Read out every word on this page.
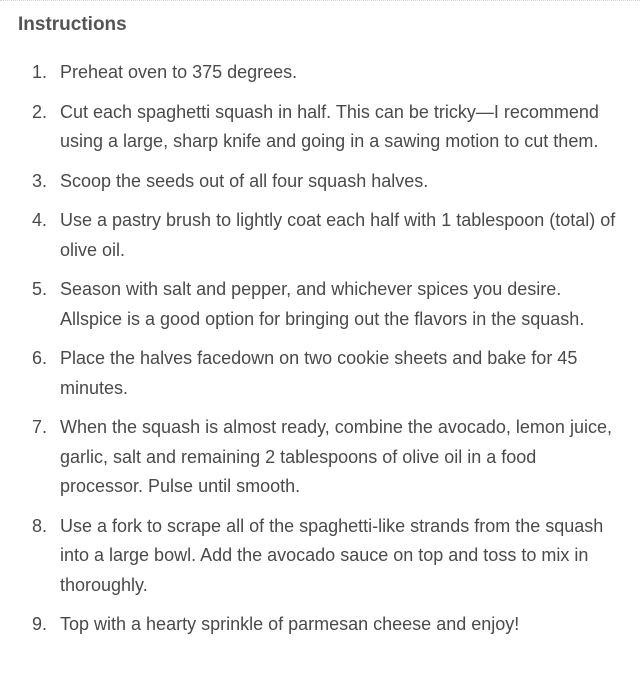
Instructions
1. Preheat oven to 375 degrees.
2. Cut each spaghetti squash in half. This can be tricky—I recommend using a large, sharp knife and going in a sawing motion to cut them.
3. Scoop the seeds out of all four squash halves.
4. Use a pastry brush to lightly coat each half with 1 tablespoon (total) of olive oil.
5. Season with salt and pepper, and whichever spices you desire. Allspice is a good option for bringing out the flavors in the squash.
6. Place the halves facedown on two cookie sheets and bake for 45 minutes.
7. When the squash is almost ready, combine the avocado, lemon juice, garlic, salt and remaining 2 tablespoons of olive oil in a food processor. Pulse until smooth.
8. Use a fork to scrape all of the spaghetti-like strands from the squash into a large bowl. Add the avocado sauce on top and toss to mix in thoroughly.
9. Top with a hearty sprinkle of parmesan cheese and enjoy!
